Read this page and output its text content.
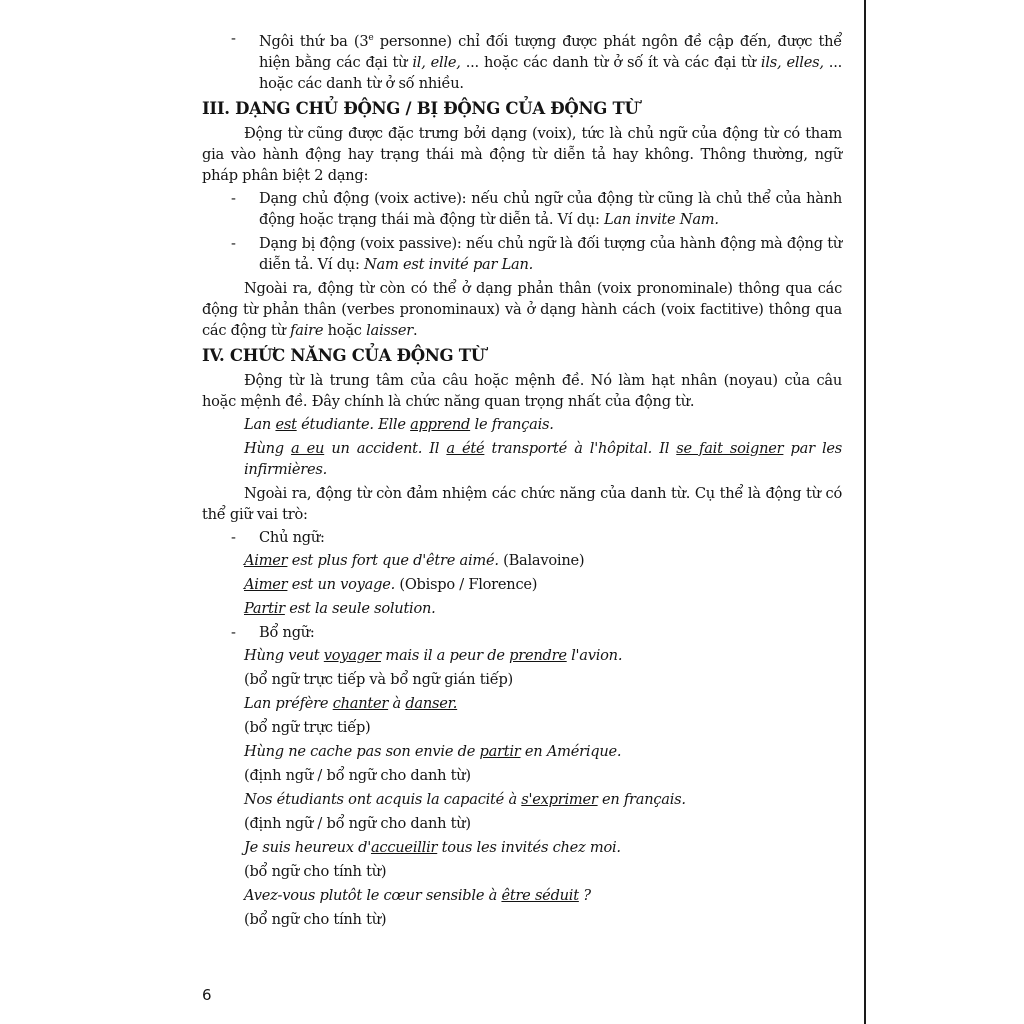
- Ngôi thứ ba (3e personne) chỉ đối tượng được phát ngôn đề cập đến, được thể hiện bằng các đại từ il, elle, ... hoặc các danh từ ở số ít và các đại từ ils, elles, ... hoặc các danh từ ở số nhiều.
III. DẠNG CHỦ ĐỘNG / BỊ ĐỘNG CỦA ĐỘNG TỪ
Động từ cũng được đặc trưng bởi dạng (voix), tức là chủ ngữ của động từ có tham gia vào hành động hay trạng thái mà động từ diễn tả hay không. Thông thường, ngữ pháp phân biệt 2 dạng:
- Dạng chủ động (voix active): nếu chủ ngữ của động từ cũng là chủ thể của hành động hoặc trạng thái mà động từ diễn tả. Ví dụ: Lan invite Nam.
- Dạng bị động (voix passive): nếu chủ ngữ là đối tượng của hành động mà động từ diễn tả. Ví dụ: Nam est invité par Lan.
Ngoài ra, động từ còn có thể ở dạng phản thân (voix pronominale) thông qua các động từ phản thân (verbes pronominaux) và ở dạng hành cách (voix factitive) thông qua các động từ faire hoặc laisser.
IV. CHỨC NĂNG CỦA ĐỘNG TỪ
Động từ là trung tâm của câu hoặc mệnh đề. Nó làm hạt nhân (noyau) của câu hoặc mệnh đề. Đây chính là chức năng quan trọng nhất của động từ.
Lan est étudiante. Elle apprend le français.
Hùng a eu un accident. Il a été transporté à l'hôpital. Il se fait soigner par les infirmières.
Ngoài ra, động từ còn đảm nhiệm các chức năng của danh từ. Cụ thể là động từ có thể giữ vai trò:
- Chủ ngữ:
Aimer est plus fort que d'être aimé. (Balavoine)
Aimer est un voyage. (Obispo / Florence)
Partir est la seule solution.
- Bổ ngữ:
Hùng veut voyager mais il a peur de prendre l'avion.
(bổ ngữ trực tiếp và bổ ngữ gián tiếp)
Lan préfère chanter à danser.
(bổ ngữ trực tiếp)
Hùng ne cache pas son envie de partir en Amérique.
(định ngữ / bổ ngữ cho danh từ)
Nos étudiants ont acquis la capacité à s'exprimer en français.
(định ngữ / bổ ngữ cho danh từ)
Je suis heureux d'accueillir tous les invités chez moi.
(bổ ngữ cho tính từ)
Avez-vous plutôt le cœur sensible à être séduit ?
(bổ ngữ cho tính từ)
6
